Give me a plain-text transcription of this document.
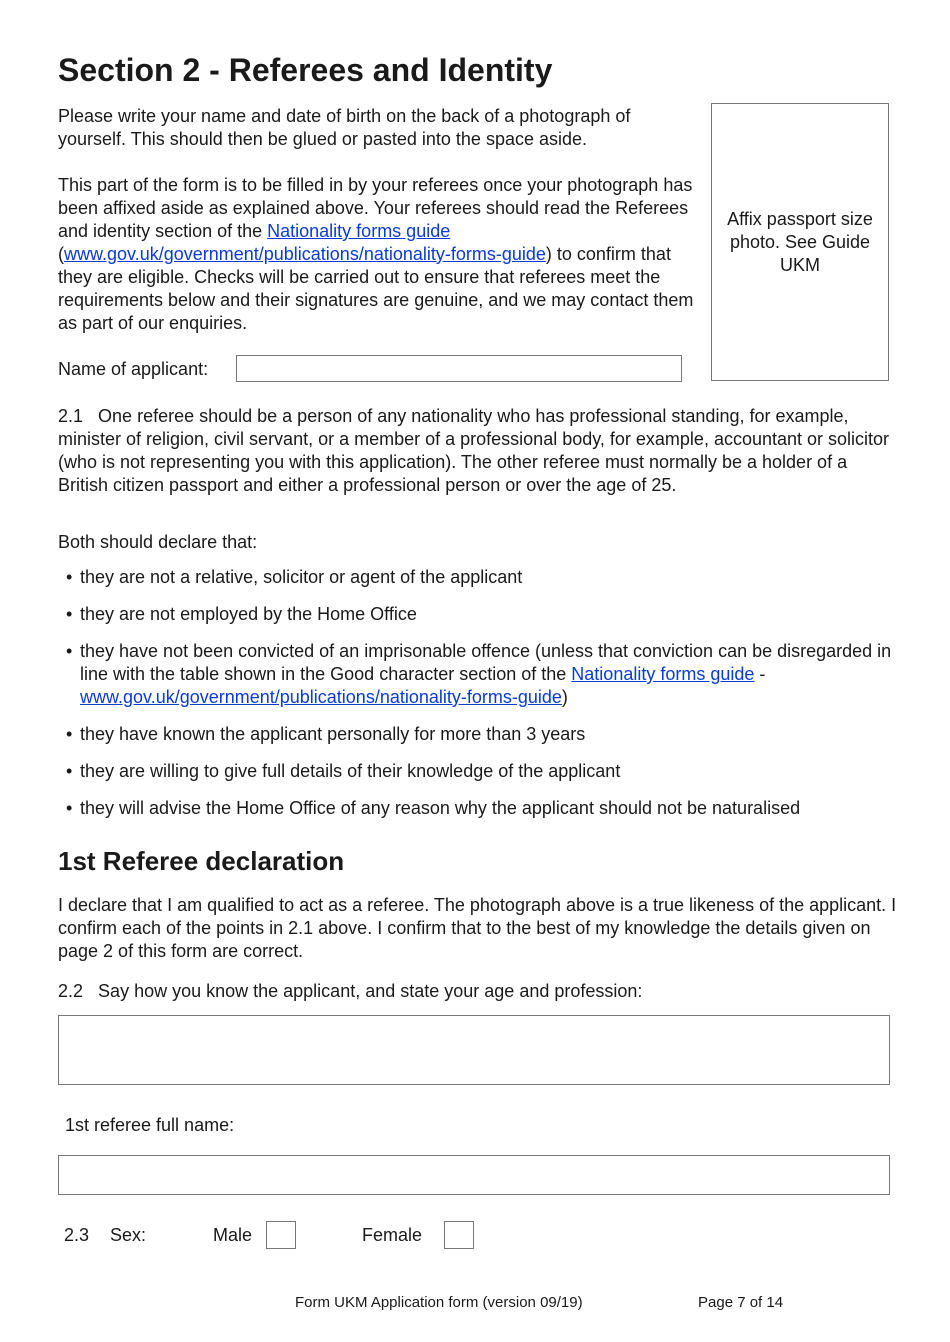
Section 2 - Referees and Identity

Please write your name and date of birth on the back of a photograph of yourself. This should then be glued or pasted into the space aside.

This part of the form is to be filled in by your referees once your photograph has been affixed aside as explained above. Your referees should read the Referees and identity section of the Nationality forms guide (www.gov.uk/government/publications/nationality-forms-guide) to confirm that they are eligible. Checks will be carried out to ensure that referees meet the requirements below and their signatures are genuine, and we may contact them as part of our enquiries.

Affix passport size photo. See Guide UKM
Name of applicant:

2.1 One referee should be a person of any nationality who has professional standing, for example, minister of religion, civil servant, or a member of a professional body, for example, accountant or solicitor (who is not representing you with this application). The other referee must normally be a holder of a British citizen passport and either a professional person or over the age of 25.

Both should declare that:

• they are not a relative, solicitor or agent of the applicant
• they are not employed by the Home Office
• they have not been convicted of an imprisonable offence (unless that conviction can be disregarded in line with the table shown in the Good character section of the Nationality forms guide - www.gov.uk/government/publications/nationality-forms-guide)
• they have known the applicant personally for more than 3 years
• they are willing to give full details of their knowledge of the applicant
• they will advise the Home Office of any reason why the applicant should not be naturalised
1st Referee declaration

I declare that I am qualified to act as a referee. The photograph above is a true likeness of the applicant. I confirm each of the points in 2.1 above. I confirm that to the best of my knowledge the details given on page 2 of this form are correct.

2.2 Say how you know the applicant, and state your age and profession:

1st referee full name:
2.3 Sex:	Male	Female
Form UKM Application form (version 09/19)	Page 7 of 14
